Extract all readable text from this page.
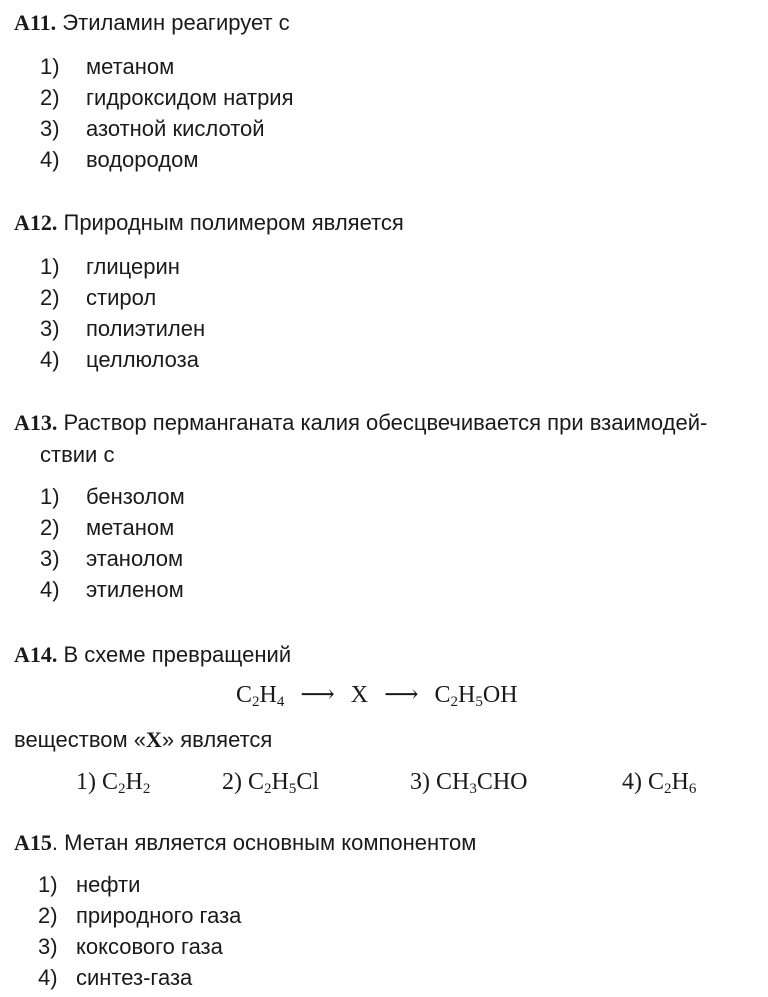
A11. Этиламин реагирует с
1) метаном
2) гидроксидом натрия
3) азотной кислотой
4) водородом
A12. Природным полимером является
1) глицерин
2) стирол
3) полиэтилен
4) целлюлоза
A13. Раствор перманганата калия обесцвечивается при взаимодей-
ствии с
1) бензолом
2) метаном
3) этанолом
4) этиленом
A14. В схеме превращений
$C_2H_4$ ⟶ X ⟶ $C_2H_5OH$
веществом «X» является
1) $C_2H_2$	2) $C_2H_5Cl$	3) $CH_3CHO$	4) $C_2H_6$
A15. Метан является основным компонентом
1) нефти
2) природного газа
3) коксового газа
4) синтез-газа
